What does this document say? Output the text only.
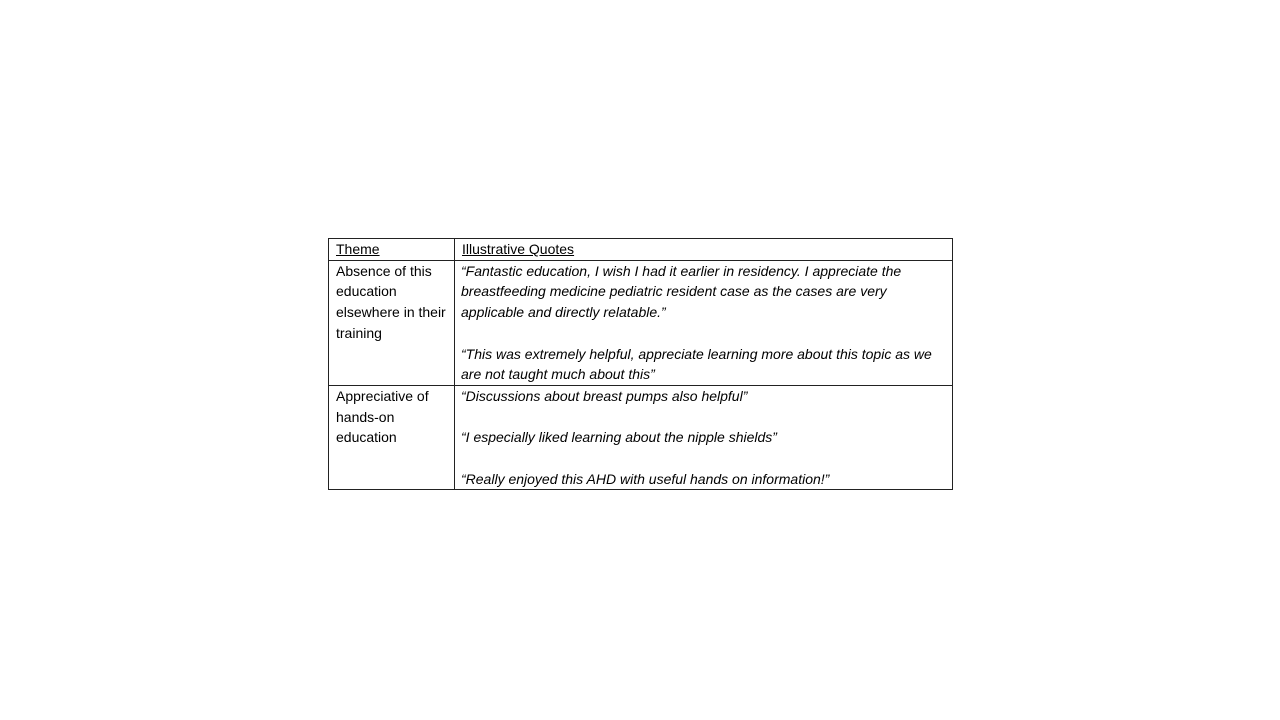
Theme	Illustrative Quotes
Absence of this education elsewhere in their training	“Fantastic education, I wish I had it earlier in residency. I appreciate the breastfeeding medicine pediatric resident case as the cases are very applicable and directly relatable.”

“This was extremely helpful, appreciate learning more about this topic as we are not taught much about this”

Appreciative of hands-on education	“Discussions about breast pumps also helpful”

“I especially liked learning about the nipple shields”

“Really enjoyed this AHD with useful hands on information!”
